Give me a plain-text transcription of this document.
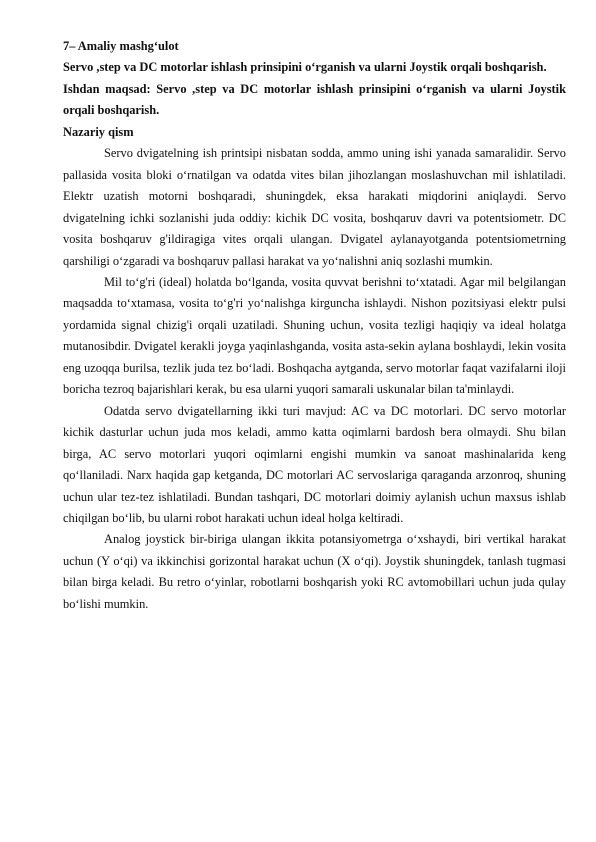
7– Amaliy mashg‘ulot

Servo ,step va DC motorlar ishlash prinsipini o‘rganish va ularni Joystik orqali boshqarish.

Ishdan maqsad: Servo ,step va DC motorlar ishlash prinsipini o‘rganish va ularni Joystik orqali boshqarish.

Nazariy qism

Servo dvigatelning ish printsipi nisbatan sodda, ammo uning ishi yanada samaralidir. Servo pallasida vosita bloki o‘rnatilgan va odatda vites bilan jihozlangan moslashuvchan mil ishlatiladi. Elektr uzatish motorni boshqaradi, shuningdek, eksa harakati miqdorini aniqlaydi. Servo dvigatelning ichki sozlanishi juda oddiy: kichik DC vosita, boshqaruv davri va potentsiometr. DC vosita boshqaruv g'ildiragiga vites orqali ulangan. Dvigatel aylanayotganda potentsiometrning qarshiligi o‘zgaradi va boshqaruv pallasi harakat va yo‘nalishni aniq sozlashi mumkin.

Mil to‘g'ri (ideal) holatda bo‘lganda, vosita quvvat berishni to‘xtatadi. Agar mil belgilangan maqsadda to‘xtamasa, vosita to‘g'ri yo‘nalishga kirguncha ishlaydi. Nishon pozitsiyasi elektr pulsi yordamida signal chizig'i orqali uzatiladi. Shuning uchun, vosita tezligi haqiqiy va ideal holatga mutanosibdir. Dvigatel kerakli joyga yaqinlashganda, vosita asta-sekin aylana boshlaydi, lekin vosita eng uzoqqa burilsa, tezlik juda tez bo‘ladi. Boshqacha aytganda, servo motorlar faqat vazifalarni iloji boricha tezroq bajarishlari kerak, bu esa ularni yuqori samarali uskunalar bilan ta'minlaydi.

Odatda servo dvigatellarning ikki turi mavjud: AC va DC motorlari. DC servo motorlar kichik dasturlar uchun juda mos keladi, ammo katta oqimlarni bardosh bera olmaydi. Shu bilan birga, AC servo motorlari yuqori oqimlarni engishi mumkin va sanoat mashinalarida keng qo‘llaniladi. Narx haqida gap ketganda, DC motorlari AC servoslariga qaraganda arzonroq, shuning uchun ular tez-tez ishlatiladi. Bundan tashqari, DC motorlari doimiy aylanish uchun maxsus ishlab chiqilgan bo‘lib, bu ularni robot harakati uchun ideal holga keltiradi.

Analog joystick bir-biriga ulangan ikkita potansiyometrga o‘xshaydi, biri vertikal harakat uchun (Y o‘qi) va ikkinchisi gorizontal harakat uchun (X o‘qi). Joystik shuningdek, tanlash tugmasi bilan birga keladi. Bu retro o‘yinlar, robotlarni boshqarish yoki RC avtomobillari uchun juda qulay bo‘lishi mumkin.
